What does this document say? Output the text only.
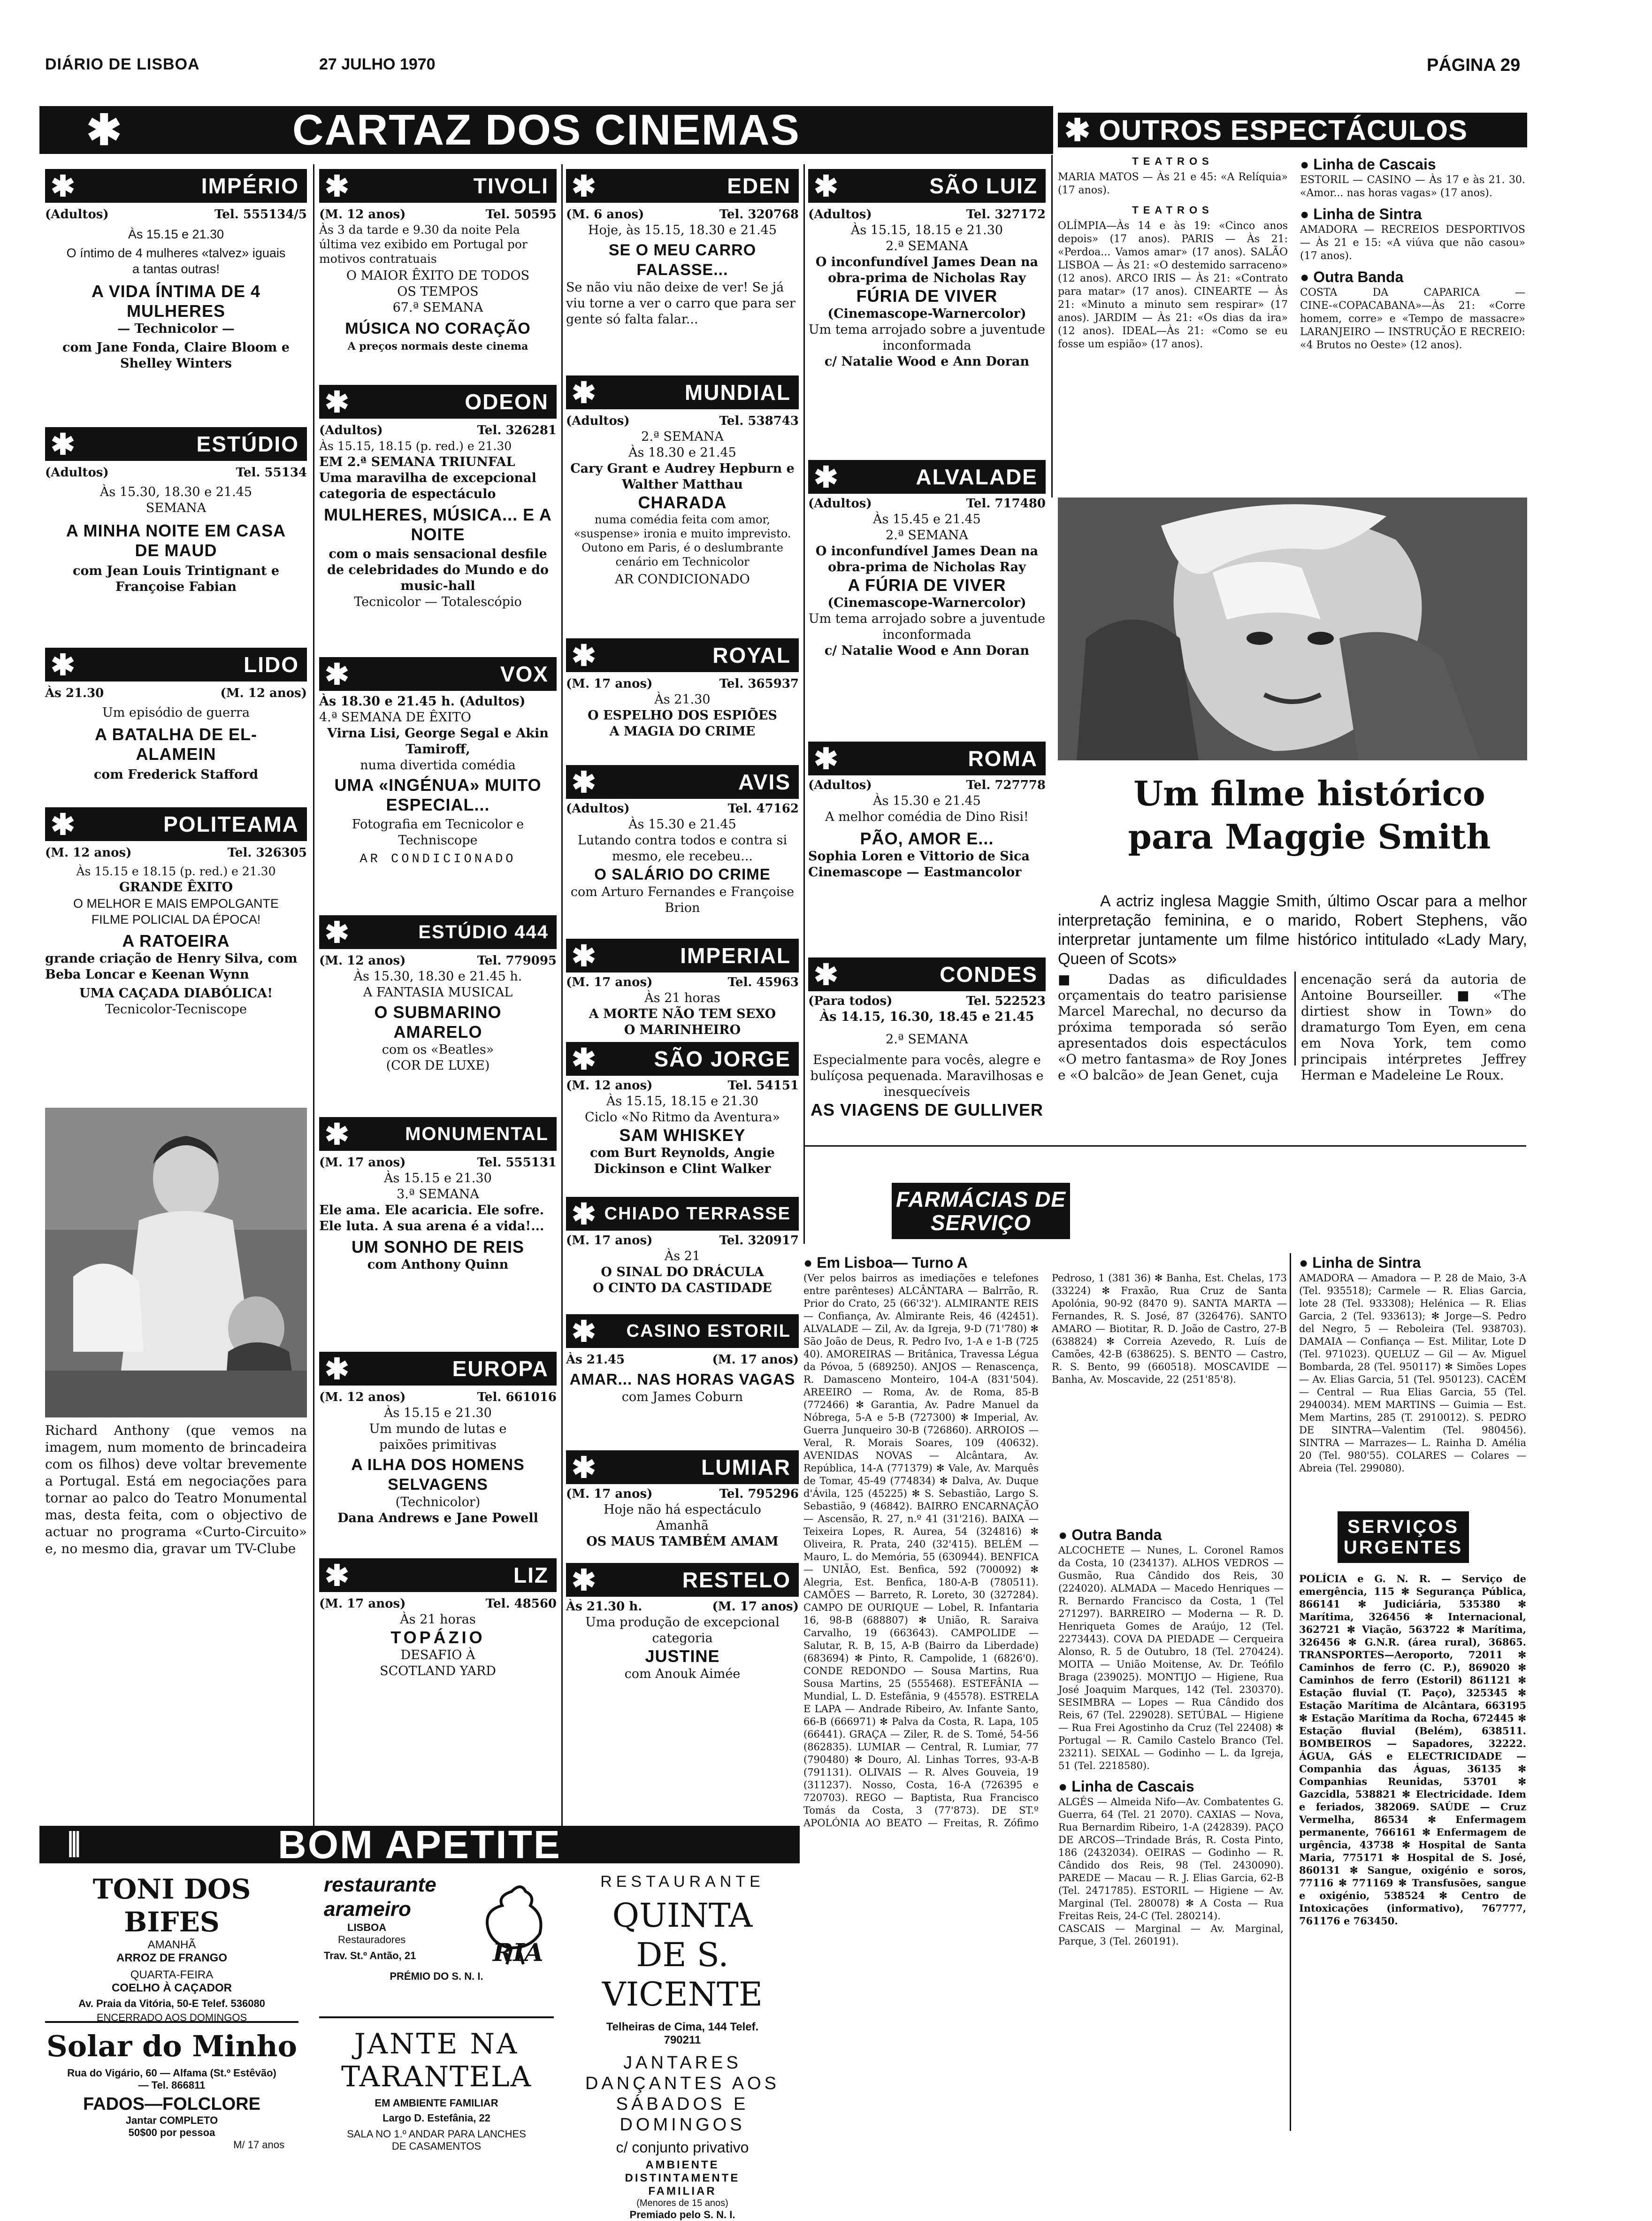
DIÁRIO DE LISBOA	27 JULHO 1970	PÁGINA 29
✱	CARTAZ DOS CINEMAS	✱ OUTROS ESPECTÁCULOS
✱	IMPÉRIO
(Adultos)	Tel. 555134/5

Às 15.15 e 21.30

O íntimo de 4 mulheres «talvez» iguais a tantas outras!

A VIDA ÍNTIMA DE 4 MULHERES

— Technicolor —

com Jane Fonda, Claire Bloom e Shelley Winters

✱	ESTÚDIO
(Adultos)	Tel. 55134

Às 15.30, 18.30 e 21.45

SEMANA

A MINHA NOITE EM CASA DE MAUD

com Jean Louis Trintignant e Françoise Fabian

✱	LIDO
Às 21.30	(M. 12 anos)

Um episódio de guerra

A BATALHA DE EL-ALAMEIN

com Frederick Stafford

✱	POLITEAMA
(M. 12 anos)	Tel. 326305

Às 15.15 e 18.15 (p. red.) e 21.30

GRANDE ÊXITO

O MELHOR E MAIS EMPOLGANTE FILME POLICIAL DA ÉPOCA!

A RATOEIRA

grande criação de Henry Silva, com Beba Loncar e Keenan Wynn

UMA CAÇADA DIABÓLICA!

Tecnicolor-Tecniscope

Richard Anthony (que vemos na imagem, num momento de brincadeira com os filhos) deve voltar brevemente a Portugal. Está em negociações para tornar ao palco do Teatro Monumental mas, desta feita, com o objectivo de actuar no programa «Curto-Circuito» e, no mesmo dia, gravar um TV-Clube
✱	TIVOLI
(M. 12 anos)	Tel. 50595

Às 3 da tarde e 9.30 da noite Pela última vez exibido em Portugal por motivos contratuais

O MAIOR ÊXITO DE TODOS OS TEMPOS

67.ª SEMANA

MÚSICA NO CORAÇÃO

A preços normais deste cinema

✱	ODEON
(Adultos)	Tel. 326281

Às 15.15, 18.15 (p. red.) e 21.30

EM 2.ª SEMANA TRIUNFAL

Uma maravilha de excepcional categoria de espectáculo

MULHERES, MÚSICA... E A NOITE

com o mais sensacional desfile de celebridades do Mundo e do music-hall

Tecnicolor — Totalescópio

✱	VOX

Às 18.30 e 21.45 h. (Adultos)

4.ª SEMANA DE ÊXITO

Virna Lisi, George Segal e Akin Tamiroff,

numa divertida comédia

UMA «INGÉNUA» MUITO ESPECIAL...

Fotografia em Tecnicolor e Techniscope

AR CONDICIONADO

✱	ESTÚDIO 444
(M. 12 anos)	Tel. 779095

Às 15.30, 18.30 e 21.45 h.

A FANTASIA MUSICAL

O SUBMARINO AMARELO

com os «Beatles»

(COR DE LUXE)

✱	MONUMENTAL
(M. 17 anos)	Tel. 555131

Às 15.15 e 21.30

3.ª SEMANA

Ele ama. Ele acaricia. Ele sofre. Ele luta. A sua arena é a vida!...

UM SONHO DE REIS

com Anthony Quinn

✱	EUROPA
(M. 12 anos)	Tel. 661016

Às 15.15 e 21.30

Um mundo de lutas e paixões primitivas

A ILHA DOS HOMENS SELVAGENS

(Technicolor)

Dana Andrews e Jane Powell

✱	LIZ
(M. 17 anos)	Tel. 48560

Às 21 horas

TOPÁZIO

DESAFIO À SCOTLAND YARD

✱	EDEN
(M. 6 anos)	Tel. 320768

Hoje, às 15.15, 18.30 e 21.45

SE O MEU CARRO FALASSE...

Se não viu não deixe de ver! Se já viu torne a ver o carro que para ser gente só falta falar...

✱	MUNDIAL
(Adultos)	Tel. 538743

2.ª SEMANA

Às 18.30 e 21.45

Cary Grant e Audrey Hepburn e Walther Matthau

CHARADA

numa comédia feita com amor, «suspense» ironia e muito imprevisto. Outono em Paris, é o deslumbrante cenário em Technicolor

AR CONDICIONADO

✱	ROYAL
(M. 17 anos)	Tel. 365937

Às 21.30

O ESPELHO DOS ESPIÕES

A MAGIA DO CRIME

✱	AVIS
(Adultos)	Tel. 47162

Às 15.30 e 21.45

Lutando contra todos e contra si mesmo, ele recebeu...

O SALÁRIO DO CRIME

com Arturo Fernandes e Françoise Brion

✱	IMPERIAL
(M. 17 anos)	Tel. 45963

Às 21 horas

A MORTE NÃO TEM SEXO

O MARINHEIRO

✱	SÃO JORGE
(M. 12 anos)	Tel. 54151

Às 15.15, 18.15 e 21.30

Ciclo «No Ritmo da Aventura»

SAM WHISKEY

com Burt Reynolds, Angie Dickinson e Clint Walker

✱ CHIADO TERRASSE
(M. 17 anos)	Tel. 320917

Às 21

O SINAL DO DRÁCULA

O CINTO DA CASTIDADE

✱	CASINO ESTORIL
Às 21.45	(M. 17 anos)

AMAR... NAS HORAS VAGAS

com James Coburn

✱	LUMIAR
(M. 17 anos)	Tel. 795296

Hoje não há espectáculo

Amanhã

OS MAUS TAMBÉM AMAM

✱	RESTELO
Às 21.30 h.	(M. 17 anos)

Uma produção de excepcional categoria

JUSTINE

com Anouk Aimée

✱	SÃO LUIZ
(Adultos)	Tel. 327172

Às 15.15, 18.15 e 21.30

2.ª SEMANA

O inconfundível James Dean na obra-prima de Nicholas Ray

FÚRIA DE VIVER

(Cinemascope-Warnercolor)

Um tema arrojado sobre a juventude inconformada

c/ Natalie Wood e Ann Doran

✱	ALVALADE
(Adultos)	Tel. 717480

Às 15.45 e 21.45

2.ª SEMANA

O inconfundível James Dean na obra-prima de Nicholas Ray

A FÚRIA DE VIVER

(Cinemascope-Warnercolor)

Um tema arrojado sobre a juventude inconformada

c/ Natalie Wood e Ann Doran

✱	ROMA
(Adultos)	Tel. 727778

Às 15.30 e 21.45

A melhor comédia de Dino Risi!

PÃO, AMOR E...

Sophia Loren e Vittorio de Sica

Cinemascope — Eastmancolor

✱	CONDES
(Para todos)	Tel. 522523

Às 14.15, 16.30, 18.45 e 21.45

2.ª SEMANA

Especialmente para vocês, alegre e bulíçosa pequenada. Maravilhosas e inesquecíveis

AS VIAGENS DE GULLIVER

TEATROS

MARIA MATOS — Às 21 e 45: «A Relíquia» (17 anos).

TEATROS

OLÍMPIA—Às 14 e às 19: «Cinco anos depois» (17 anos). PARIS — Às 21: «Perdoa... Vamos amar» (17 anos). SALÃO LISBOA — Às 21: «O destemido sarraceno» (12 anos). ARCO IRIS — Às 21: «Contrato para matar» (17 anos). CINEARTE — Às 21: «Minuto a minuto sem respirar» (17 anos). JARDIM — Às 21: «Os dias da ira» (12 anos). IDEAL—Às 21: «Como se eu fosse um espião» (17 anos).

● Linha de Cascais

ESTORIL — CASINO — Às 17 e às 21. 30. «Amor... nas horas vagas» (17 anos).

● Linha de Sintra

AMADORA — RECREIOS DESPORTIVOS — Às 21 e 15: «A viúva que não casou» (17 anos).

● Outra Banda

COSTA DA CAPARICA — CINE-«COPACABANA»—Às 21: «Corre homem, corre» e «Tempo de massacre» LARANJEIRO — INSTRUÇÃO E RECREIO: «4 Brutos no Oeste» (12 anos).

Um filme histórico para Maggie Smith
A actriz inglesa Maggie Smith, último Oscar para a melhor interpretação feminina, e o marido, Robert Stephens, vão interpretar juntamente um filme histórico intitulado «Lady Mary, Queen of Scots»
■ Dadas as dificuldades orçamentais do teatro parisiense Marcel Marechal, no decurso da próxima temporada só serão apresentados dois espectáculos «O metro fantasma» de Roy Jones e «O balcão» de Jean Genet, cuja
encenação será da autoria de Antoine Bourseiller. ■ «The dirtiest show in Town» do dramaturgo Tom Eyen, em cena em Nova York, tem como principais intérpretes Jeffrey Herman e Madeleine Le Roux.
FARMÁCIAS DE SERVIÇO

● Em Lisboa— Turno A

(Ver pelos bairros as imediações e telefones entre parênteses) ALCÂNTARA — Balrrão, R. Prior do Crato, 25 (66'32'). ALMIRANTE REIS — Confiança, Av. Almirante Reis, 46 (42451). ALVALADE — Zil, Av. da Igreja, 9-D (71'780) ✻ São João de Deus, R. Pedro Ivo, 1-A e 1-B (725 40). AMOREIRAS — Britânica, Travessa Légua da Póvoa, 5 (689250). ANJOS — Renascença, R. Damasceno Monteiro, 104-A (831'504). AREEIRO — Roma, Av. de Roma, 85-B (772466) ✻ Garantia, Av. Padre Manuel da Nóbrega, 5-A e 5-B (727300) ✻ Imperial, Av. Guerra Junqueiro 30-B (726860). ARROIOS — Veral, R. Morais Soares, 109 (40632). AVENIDAS NOVAS — Alcântara, Av. República, 14-A (771379) ✻ Vale, Av. Marquês de Tomar, 45-49 (774834) ✻ Dalva, Av. Duque d'Ávila, 125 (45225) ✻ S. Sebastião, Largo S. Sebastião, 9 (46842). BAIRRO ENCARNAÇÃO — Ascensão, R. 27, n.º 41 (31'216). BAIXA — Teixeira Lopes, R. Aurea, 54 (324816) ✻ Oliveira, R. Prata, 240 (32'415). BELÉM — Mauro, L. do Memória, 55 (630944). BENFICA — UNIÃO, Est. Benfica, 592 (700092) ✻ Alegria, Est. Benfica, 180-A-B (780511). CAMÕES — Barreto, R. Loreto, 30 (327284). CAMPO DE OURIQUE — Lobel, R. Infantaria 16, 98-B (688807) ✻ União, R. Saraiva Carvalho, 19 (663643). CAMPOLIDE — Salutar, R. B, 15, A-B (Bairro da Liberdade) (683694) ✻ Pinto, R. Campolide, 1 (6826'0). CONDE REDONDO — Sousa Martins, Rua Sousa Martins, 25 (555468). ESTEFÂNIA — Mundial, L. D. Estefânia, 9 (45578). ESTRELA E LAPA — Andrade Ribeiro, Av. Infante Santo, 66-B (666971) ✻ Palva da Costa, R. Lapa, 105 (66441). GRAÇA — Ziler, R. de S. Tomé, 54-56 (862835). LUMIAR — Central, R. Lumiar, 77 (790480) ✻ Douro, Al. Linhas Torres, 93-A-B (791131). OLIVAIS — R. Alves Gouveia, 19 (311237). Nosso, Costa, 16-A (726395 e 720703). REGO — Baptista, Rua Francisco Tomás da Costa, 3 (77'873). DE ST.º APOLÓNIA AO BEATO — Freitas, R. Zófimo Pedroso, 1 (381 36) ✻ Banha, Est. Chelas, 173 (33224) ✻ Fraxão, Rua Cruz de Santa Apolónia, 90-92 (8470 9). SANTA MARTA — Fernandes, R. S. José, 87 (326476). SANTO AMARO — Biotitar, R. D. João de Castro, 27-B (638824) ✻ Correia Azevedo, R. Luís de Camões, 42-B (638625). S. BENTO — Castro, R. S. Bento, 99 (660518). MOSCAVIDE — Banha, Av. Moscavide, 22 (251'85'8).

● Outra Banda

ALCOCHETE — Nunes, L. Coronel Ramos da Costa, 10 (234137). ALHOS VEDROS — Gusmão, Rua Cândido dos Reis, 30 (224020). ALMADA — Macedo Henriques — R. Bernardo Francisco da Costa, 1 (Tel 271297). BARREIRO — Moderna — R. D. Henriqueta Gomes de Araújo, 12 (Tel. 2273443). COVA DA PIEDADE — Cerqueira Alonso, R. 5 de Outubro, 18 (Tel. 270424). MOITA — União Moitense, Av. Dr. Teófilo Braga (239025). MONTIJO — Higiene, Rua José Joaquim Marques, 142 (Tel. 230370). SESIMBRA — Lopes — Rua Cândido dos Reis, 67 (Tel. 229028). SETÚBAL — Higiene — Rua Frei Agostinho da Cruz (Tel 22408) ✻ Portugal — R. Camilo Castelo Branco (Tel. 23211). SEIXAL — Godinho — L. da Igreja, 51 (Tel. 2218580).

● Linha de Cascais

ALGÉS — Almeida Nifo—Av. Combatentes G. Guerra, 64 (Tel. 21 2070). CAXIAS — Nova, Rua Bernardim Ribeiro, 1-A (242839). PAÇO DE ARCOS—Trindade Brás, R. Costa Pinto, 186 (2432034). OEIRAS — Godinho — R. Cândido dos Reis, 98 (Tel. 2430090). PAREDE — Macau — R. J. Elias Garcia, 62-B (Tel. 2471785). ESTORIL — Higiene — Av. Marginal (Tel. 280078) ✻ A Costa — Rua Freitas Reis, 24-C (Tel. 280214).

CASCAIS — Marginal — Av. Marginal, Parque, 3 (Tel. 260191).

● Linha de Sintra

AMADORA — Amadora — P. 28 de Maio, 3-A (Tel. 935518); Carmele — R. Elias Garcia, lote 28 (Tel. 933308); Helénica — R. Elias Garcia, 2 (Tel. 933613); ✻ Jorge—S. Pedro del Negro, 5 — Reboleira (Tel. 938703). DAMAIA — Confiança — Est. Militar, Lote D (Tel. 971023). QUELUZ — Gil — Av. Miguel Bombarda, 28 (Tel. 950117) ✻ Simões Lopes — Av. Elias Garcia, 51 (Tel. 950123). CACÉM — Central — Rua Elias Garcia, 55 (Tel. 2940034). MEM MARTINS — Guimia — Est. Mem Martins, 285 (T. 2910012). S. PEDRO DE SINTRA—Valentim (Tel. 980456). SINTRA — Marrazes— L. Rainha D. Amélia 20 (Tel. 980'55). COLARES — Colares — Abreia (Tel. 299080).

SERVIÇOS URGENTES
POLÍCIA e G. N. R. — Serviço de emergência, 115 ✻ Segurança Pública, 866141 ✻ Judiciária, 535380 ✻ Marítima, 326456 ✻ Internacional, 362721 ✻ Viação, 563722 ✻ Marítima, 326456 ✻ G.N.R. (área rural), 36865. TRANSPORTES—Aeroporto, 72011 ✻ Caminhos de ferro (C. P.), 869020 ✻ Caminhos de ferro (Estoril) 861121 ✻ Estação fluvial (T. Paço), 325345 ✻ Estação Marítima de Alcântara, 663195 ✻ Estação Marítima da Rocha, 672445 ✻ Estação fluvial (Belém), 638511. BOMBEIROS — Sapadores, 32222. ÁGUA, GÁS e ELECTRICIDADE — Companhia das Águas, 36135 ✻ Companhias Reunidas, 53701 ✻ Gazcidla, 538821 ✻ Electricidade. Idem e feriados, 382069. SAÚDE — Cruz Vermelha, 86534 ✻ Enfermagem permanente, 766161 ✻ Enfermagem de urgência, 43738 ✻ Hospital de Santa Maria, 775171 ✻ Hospital de S. José, 860131 ✻ Sangue, oxigénio e soros, 77116 ✻ 771169 ✻ Transfusões, sangue e oxigénio, 538524 ✻ Centro de Intoxicações (informativo), 767777, 761176 e 763450.
⫼	BOM APETITE

TONI DOS BIFES

AMANHÃ

ARROZ DE FRANGO

QUARTA-FEIRA

COELHO À CAÇADOR

Av. Praia da Vitória, 50-E Telef. 536080

ENCERRADO AOS DOMINGOS

Solar do Minho

Rua do Vigário, 60 — Alfama (St.º Estêvão) — Tel. 866811

FADOS—FOLCLORE

Jantar COMPLETO

50$00 por pessoa

M/ 17 anos

restaurante arameiro

LISBOA

Restauradores

Trav. St.º Antão, 21

PRÉMIO DO S. N. I.

RIA

JANTE NA

TARANTELA

EM AMBIENTE FAMILIAR

Largo D. Estefânia, 22

SALA NO 1.º ANDAR PARA LANCHES DE CASAMENTOS

RESTAURANTE

QUINTA DE S. VICENTE

Telheiras de Cima, 144 Telef. 790211

JANTARES DANÇANTES AOS SÁBADOS E DOMINGOS

c/ conjunto privativo

AMBIENTE DISTINTAMENTE FAMILIAR

(Menores de 15 anos)

Premiado pelo S. N. I.
